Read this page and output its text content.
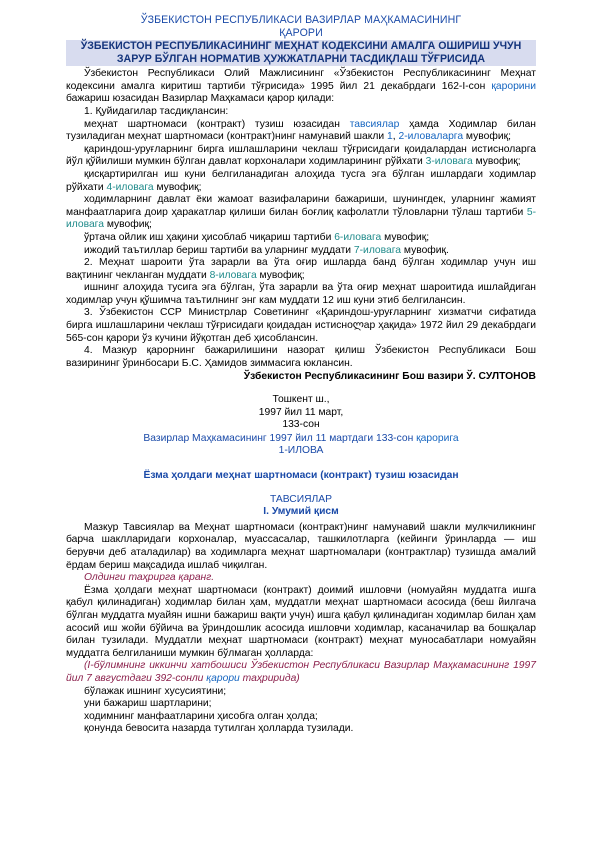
ЎЗБЕКИСТОН РЕСПУБЛИКАСИ ВАЗИРЛАР МАҲКАМАСИНИНГ
ҚАРОРИ
ЎЗБЕКИСТОН РЕСПУБЛИКАСИНИНГ МЕҲНАТ КОДЕКСИНИ АМАЛГА ОШИРИШ УЧУН
ЗАРУР БЎЛГАН НОРМАТИВ ҲУЖЖАТЛАРНИ ТАСДИҚЛАШ ТЎҒРИСИДА

Ўзбекистон Республикаси Олий Мажлисининг «Ўзбекистон Республикасининг Меҳнат кодексини амалга киритиш тартиби тўғрисида» 1995 йил 21 декабрдаги 162-I-сон қарорини бажариш юзасидан Вазирлар Маҳкамаси қарор қилади:

1. Қуйидагилар тасдиқлансин:

меҳнат шартномаси (контракт) тузиш юзасидан тавсиялар ҳамда Ходимлар билан тузиладиган меҳнат шартномаси (контракт)нинг намунавий шакли 1, 2-иловаларга мувофиқ;

қариндош-уруғларнинг бирга ишлашларини чеклаш тўғрисидаги қоидалардан истисноларга йўл қўйилиши мумкин бўлган давлат корхоналари ходимларининг рўйхати 3-иловага мувофиқ;

қисқартирилган иш куни белгиланадиган алоҳида тусга эга бўлган ишлардаги ходимлар рўйхати 4-иловага мувофиқ;

ходимларнинг давлат ёки жамоат вазифаларини бажариши, шунингдек, уларнинг жамият манфаатларига доир ҳаракатлар қилиши билан боғлиқ кафолатли тўловларни тўлаш тартиби 5-иловага мувофиқ;

ўртача ойлик иш ҳақини ҳисоблаб чиқариш тартиби 6-иловага мувофиқ;

ижодий таътиллар бериш тартиби ва уларнинг муддати 7-иловага мувофиқ.

2. Меҳнат шароити ўта зарарли ва ўта оғир ишларда банд бўлган ходимлар учун иш вақтининг чекланган муддати 8-иловага мувофиқ;

ишнинг алоҳида тусига эга бўлган, ўта зарарли ва ўта оғир меҳнат шароитида ишлайдиган ходимлар учун қўшимча таътилнинг энг кам муддати 12 иш куни этиб белгилансин.

3. Ўзбекистон ССР Министрлар Советининг «Қариндош-уруғларнинг хизматчи сифатида бирга ишлашларини чеклаш тўғрисидаги қоидадан истисноლар ҳақида» 1972 йил 29 декабрдаги 565-сон қарори ўз кучини йўқотган деб ҳисоблансин.

4. Мазкур қарорнинг бажарилишини назорат қилиш Ўзбекистон Республикаси Бош вазирининг ўринбосари Б.С. Ҳамидов зиммасига юклансин.

Ўзбекистон Республикасининг Бош вазири Ў. СУЛТОНОВ
Тошкент ш.,
1997 йил 11 март,
133-сон
Вазирлар Маҳкамасининг 1997 йил 11 мартдаги 133-сон қарорига
1-ИЛОВА
Ёзма ҳолдаги меҳнат шартномаси (контракт) тузиш юзасидан
ТАВСИЯЛАР
I. Умумий қисм

Мазкур Тавсиялар ва Меҳнат шартномаси (контракт)нинг намунавий шакли мулкчиликнинг барча шаклларидаги корхоналар, муассасалар, ташкилотларга (кейинги ўринларда — иш берувчи деб аталадилар) ва ходимларга меҳнат шартномалари (контрактлар) тузишда амалий ёрдам бериш мақсадида ишлаб чиқилган.

Олдинги таҳрирга қаранг.

Ёзма ҳолдаги меҳнат шартномаси (контракт) доимий ишловчи (номуайян муддатга ишга қабул қилинадиган) ходимлар билан ҳам, муддатли меҳнат шартномаси асосида (беш йилгача бўлган муддатга муайян ишни бажариш вақти учун) ишга қабул қилинадиган ходимлар билан ҳам асосий иш жойи бўйича ва ўриндошлик асосида ишловчи ходимлар, касаначилар ва бошқалар билан тузилади. Муддатли меҳнат шартномаси (контракт) меҳнат муносабатлари номуайян муддатга белгиланиши мумкин бўлмаган ҳолларда:

(I-бўлимнинг иккинчи хатбошиси Ўзбекистон Республикаси Вазирлар Маҳкамасининг 1997 йил 7 августдаги 392-сонли қарори таҳририда)

бўлажак ишнинг хусусиятини;

уни бажариш шартларини;

ходимнинг манфаатларини ҳисобга олган ҳолда;

қонунда бевосита назарда тутилган ҳолларда тузилади.
